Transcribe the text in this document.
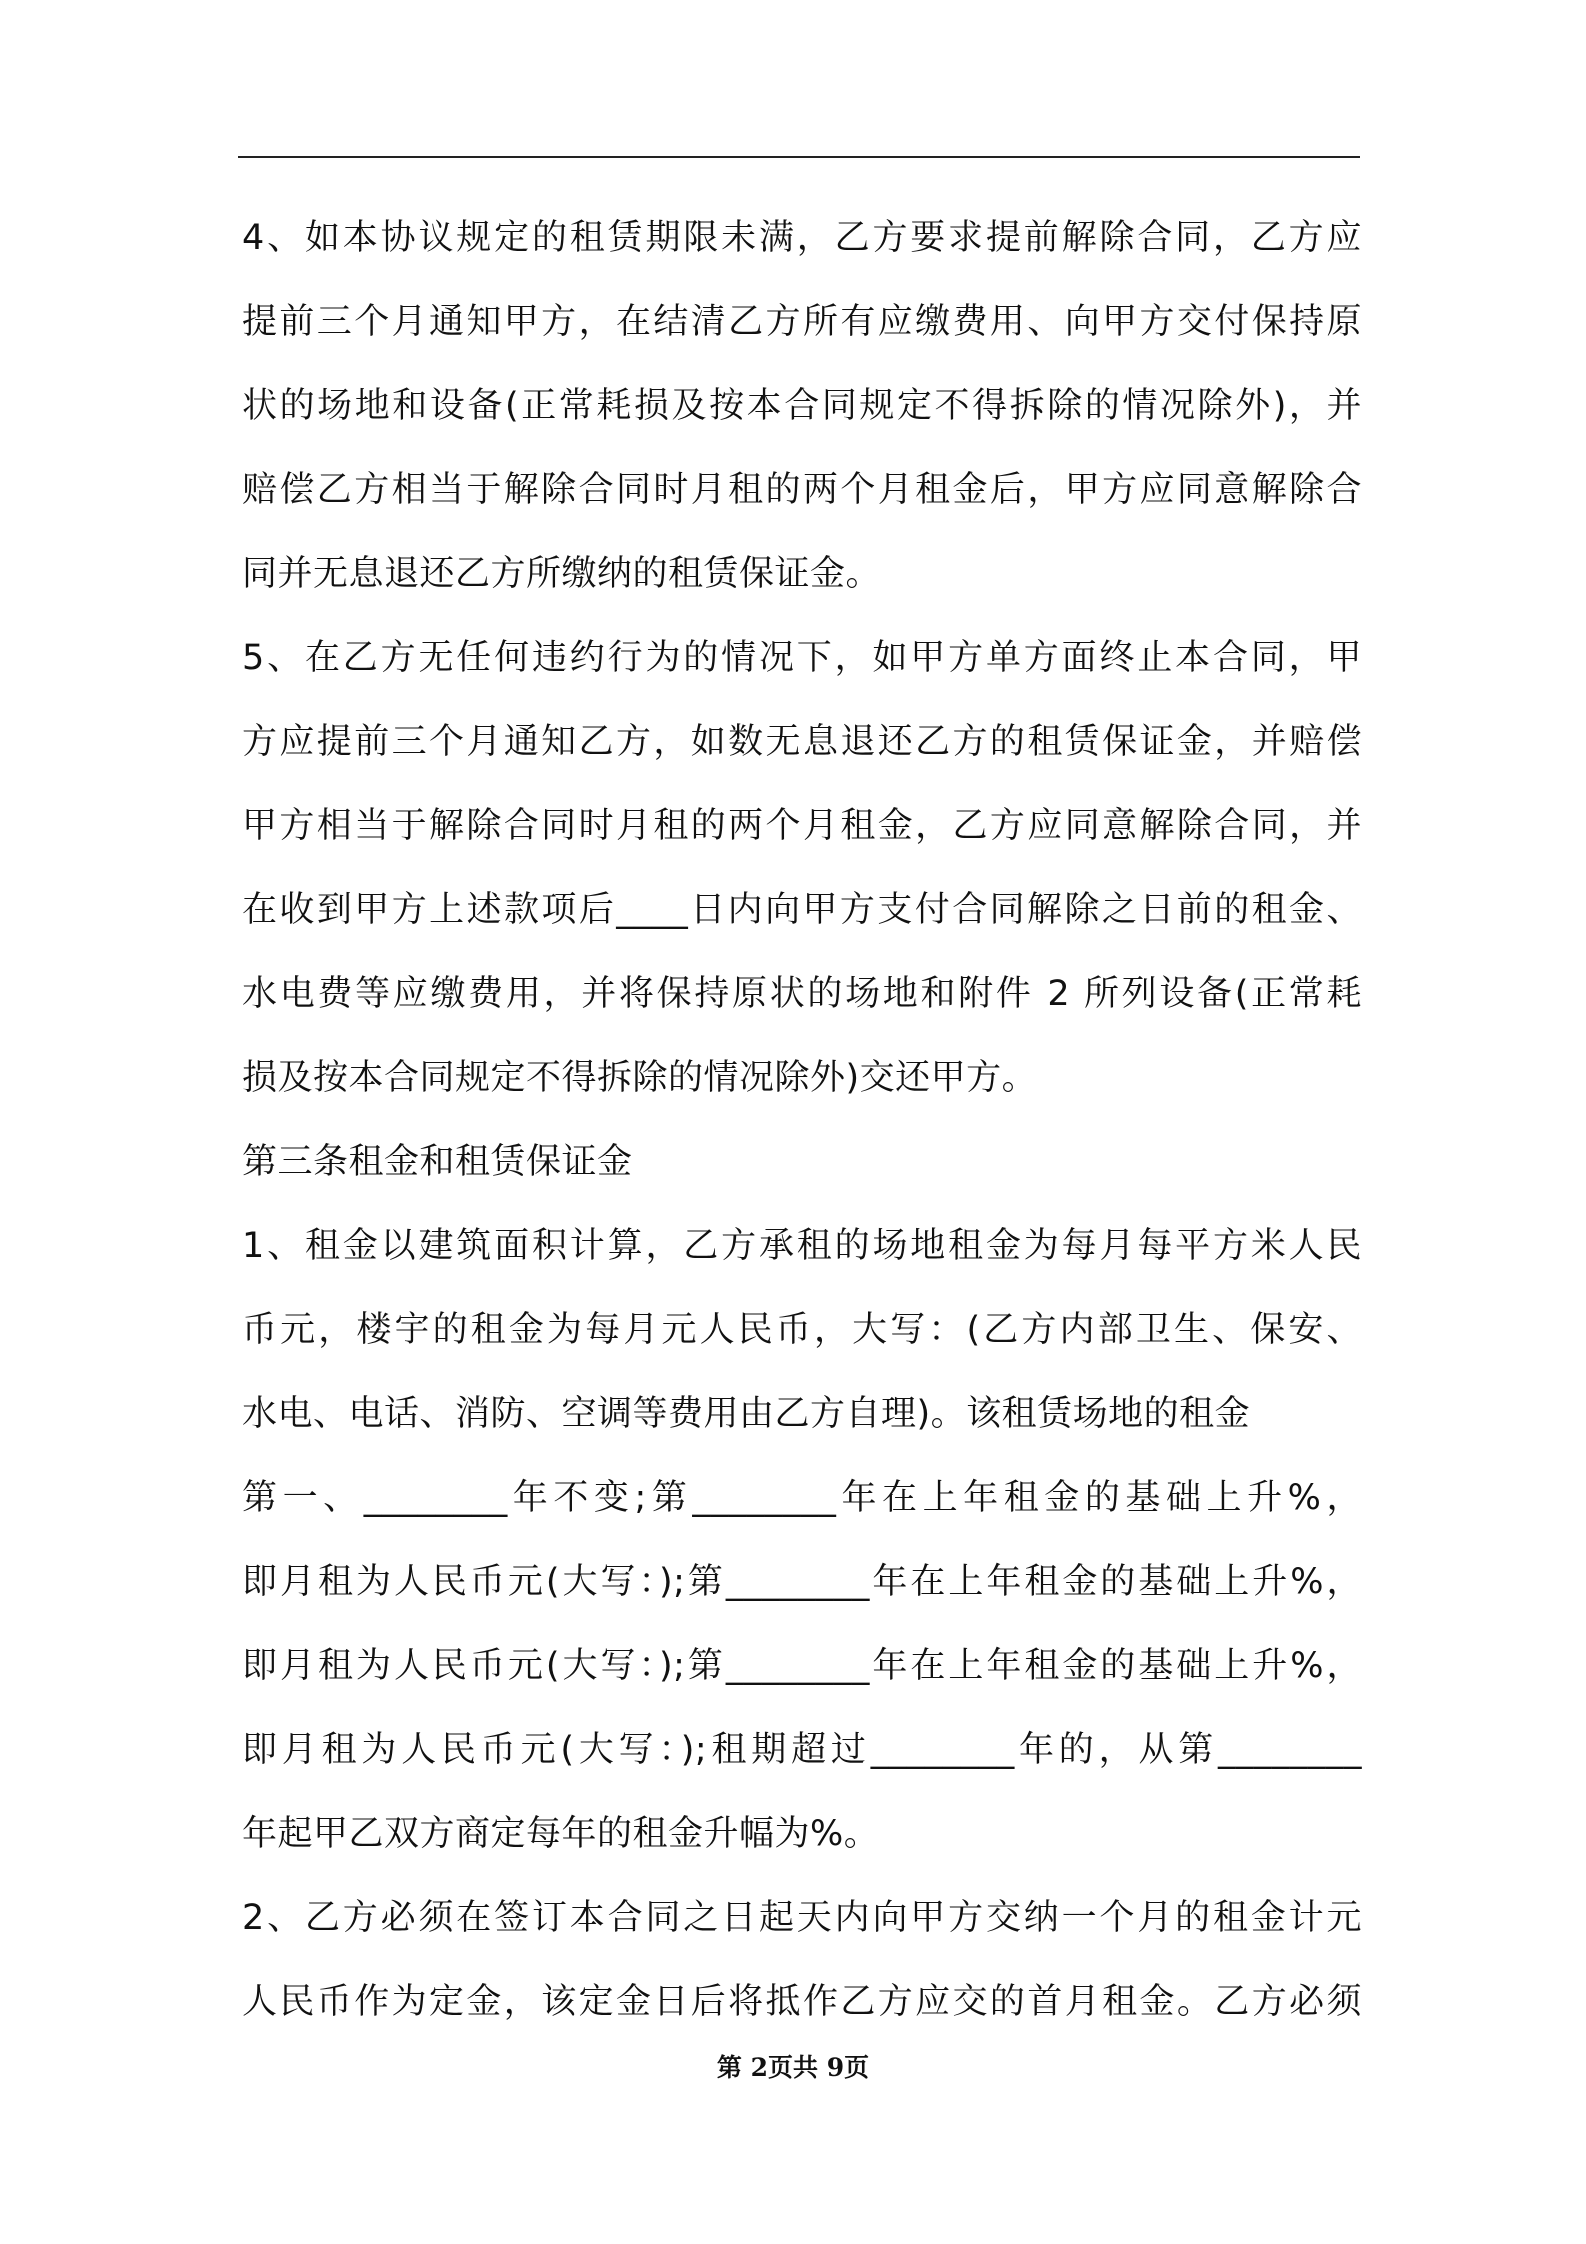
4、如本协议规定的租赁期限未满，乙方要求提前解除合同，乙方应
提前三个月通知甲方，在结清乙方所有应缴费用、向甲方交付保持原
状的场地和设备(正常耗损及按本合同规定不得拆除的情况除外)，并
赔偿乙方相当于解除合同时月租的两个月租金后，甲方应同意解除合
同并无息退还乙方所缴纳的租赁保证金。
5、在乙方无任何违约行为的情况下，如甲方单方面终止本合同，甲
方应提前三个月通知乙方，如数无息退还乙方的租赁保证金，并赔偿
甲方相当于解除合同时月租的两个月租金，乙方应同意解除合同，并
在收到甲方上述款项后____日内向甲方支付合同解除之日前的租金、
水电费等应缴费用，并将保持原状的场地和附件 2 所列设备(正常耗
损及按本合同规定不得拆除的情况除外)交还甲方。
第三条租金和租赁保证金
1、租金以建筑面积计算，乙方承租的场地租金为每月每平方米人民
币元，楼宇的租金为每月元人民币，大写：(乙方内部卫生、保安、
水电、电话、消防、空调等费用由乙方自理)。该租赁场地的租金
第一、________年不变;第________年在上年租金的基础上升%，
即月租为人民币元(大写：);第________年在上年租金的基础上升%，
即月租为人民币元(大写：);第________年在上年租金的基础上升%，
即月租为人民币元(大写：);租期超过________年的，从第________
年起甲乙双方商定每年的租金升幅为%。
2、乙方必须在签订本合同之日起天内向甲方交纳一个月的租金计元
人民币作为定金，该定金日后将抵作乙方应交的首月租金。乙方必须
第 2页共 9页
